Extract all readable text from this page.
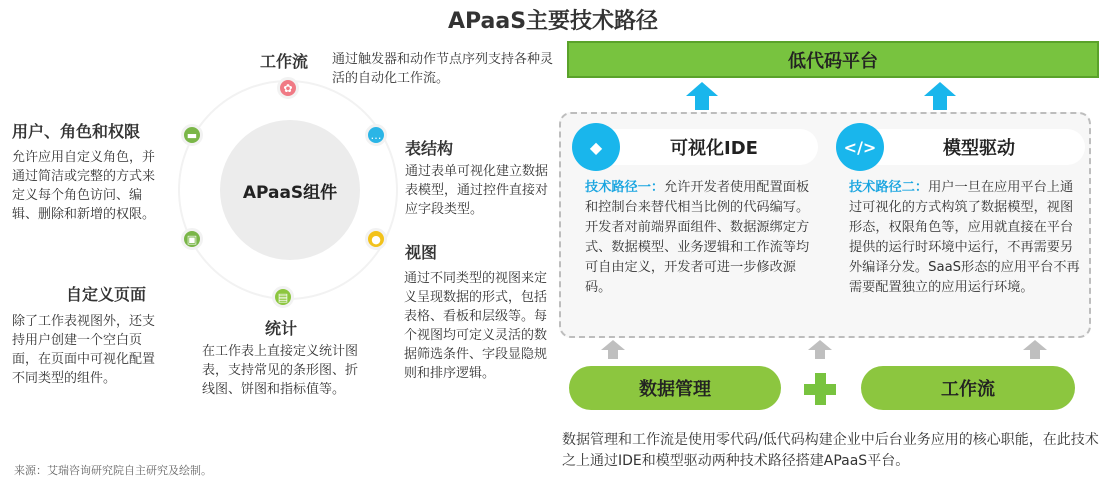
APaaS主要技术路径
APaaS组件
✿
…
●
▤
▣
▬
工作流 通过触发器和动作节点序列支持各种灵活的自动化工作流。
表结构
通过表单可视化建立数据表模型，通过控件直接对应字段类型。
视图
通过不同类型的视图来定义呈现数据的形式，包括表格、看板和层级等。每个视图均可定义灵活的数据筛选条件、字段显隐规则和排序逻辑。
统计
在工作表上直接定义统计图表，支持常见的条形图、折线图、饼图和指标值等。
自定义页面
除了工作表视图外，还支持用户创建一个空白页面，在页面中可视化配置不同类型的组件。
用户、角色和权限
允许应用自定义角色，并通过简洁或完整的方式来定义每个角色访问、编辑、删除和新增的权限。
来源：艾瑞咨询研究院自主研究及绘制。
低代码平台
可视化IDE
◆
技术路径一：允许开发者使用配置面板和控制台来替代相当比例的代码编写。开发者对前端界面组件、数据源绑定方式、数据模型、业务逻辑和工作流等均可自由定义，开发者可进一步修改源码。
模型驱动
</>
技术路径二：用户一旦在应用平台上通过可视化的方式构筑了数据模型，视图形态，权限角色等，应用就直接在平台提供的运行时环境中运行，不再需要另外编译分发。SaaS形态的应用平台不再需要配置独立的应用运行环境。
数据管理	工作流
数据管理和工作流是使用零代码/低代码构建企业中后台业务应用的核心职能，在此技术之上通过IDE和模型驱动两种技术路径搭建APaaS平台。
